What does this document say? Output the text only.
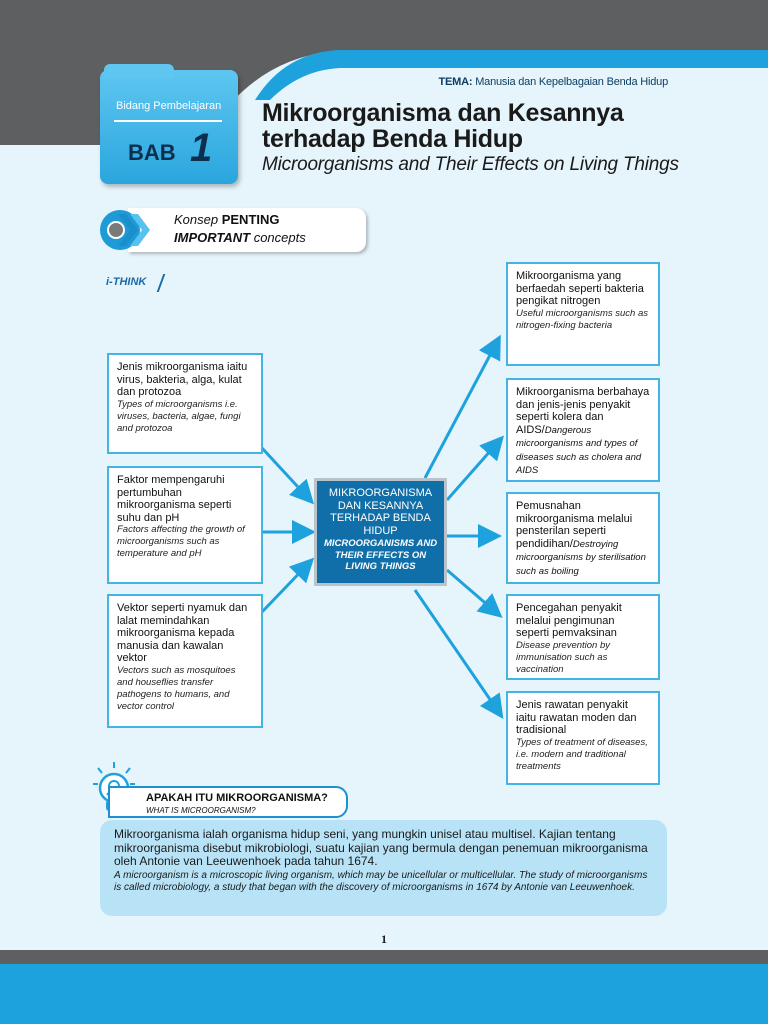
TEMA: Manusia dan Kepelbagaian Benda Hidup
Bidang Pembelajaran
BAB 1
Mikroorganisma dan Kesannya terhadap Benda Hidup
Microorganisms and Their Effects on Living Things
Konsep PENTING
IMPORTANT concepts
i-THINK
Jenis mikroorganisma iaitu virus, bakteria, alga, kulat dan protozoa
Types of microorganisms i.e. viruses, bacteria, algae, fungi and protozoa
Faktor mempengaruhi pertumbuhan mikroorganisma seperti suhu dan pH
Factors affecting the growth of microorganisms such as temperature and pH
Vektor seperti nyamuk dan lalat memindahkan mikroorganisma kepada manusia dan kawalan vektor
Vectors such as mosquitoes and houseflies transfer pathogens to humans, and vector control
MIKROORGANISMA DAN KESANNYA TERHADAP BENDA HIDUP
MICROORGANISMS AND THEIR EFFECTS ON LIVING THINGS
Mikroorganisma yang berfaedah seperti bakteria pengikat nitrogen
Useful microorganisms such as nitrogen-fixing bacteria
Mikroorganisma berbahaya dan jenis-jenis penyakit seperti kolera dan AIDS/Dangerous microorganisms and types of diseases such as cholera and AIDS
Pemusnahan mikroorganisma melalui pensterilan seperti pendidihan/Destroying microorganisms by sterilisation such as boiling
Pencegahan penyakit melalui pengimunan seperti pemvaksinan
Disease prevention by immunisation such as vaccination
Jenis rawatan penyakit iaitu rawatan moden dan tradisional
Types of treatment of diseases, i.e. modern and traditional treatments
APAKAH ITU MIKROORGANISMA?
WHAT IS MICROORGANISM?
Mikroorganisma ialah organisma hidup seni, yang mungkin unisel atau multisel. Kajian tentang mikroorganisma disebut mikrobiologi, suatu kajian yang bermula dengan penemuan mikroorganisma oleh Antonie van Leeuwenhoek pada tahun 1674.
A microorganism is a microscopic living organism, which may be unicellular or multicellular. The study of microorganisms is called microbiology, a study that began with the discovery of microorganisms in 1674 by Antonie van Leeuwenhoek.
1
